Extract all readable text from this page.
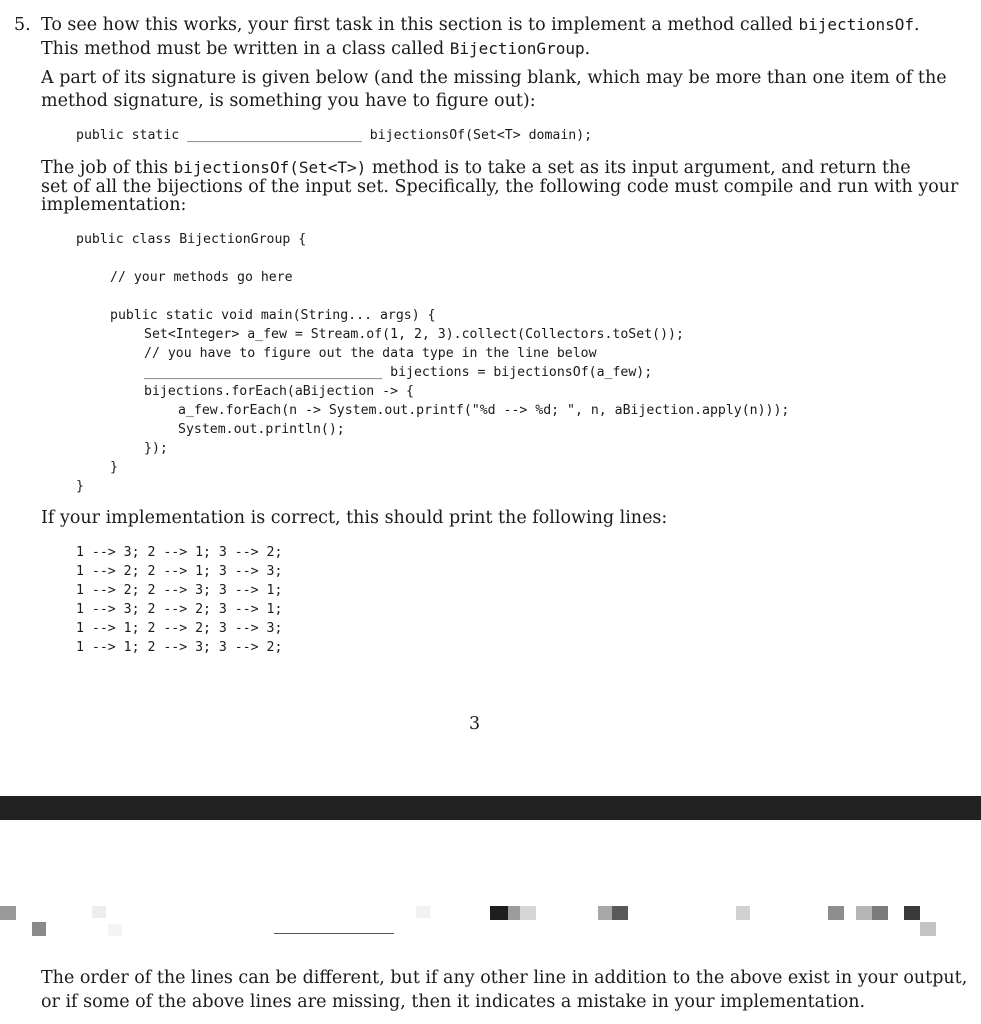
5. To see how this works, your first task in this section is to implement a method called bijectionsOf.
This method must be written in a class called BijectionGroup.
A part of its signature is given below (and the missing blank, which may be more than one item of the
method signature, is something you have to figure out):
public static ______________________ bijectionsOf(Set<T> domain);
The job of this bijectionsOf(Set<T>) method is to take a set as its input argument, and return the
set of all the bijections of the input set. Specifically, the following code must compile and run with your
implementation:
public class BijectionGroup {
// your methods go here
public static void main(String... args) {
Set<Integer> a_few = Stream.of(1, 2, 3).collect(Collectors.toSet());
// you have to figure out the data type in the line below
______________________________ bijections = bijectionsOf(a_few);
bijections.forEach(aBijection -> {
a_few.forEach(n -> System.out.printf("%d --> %d; ", n, aBijection.apply(n)));
System.out.println();
});
}
}
If your implementation is correct, this should print the following lines:
1 --> 3; 2 --> 1; 3 --> 2;
1 --> 2; 2 --> 1; 3 --> 3;
1 --> 2; 2 --> 3; 3 --> 1;
1 --> 3; 2 --> 2; 3 --> 1;
1 --> 1; 2 --> 2; 3 --> 3;
1 --> 1; 2 --> 3; 3 --> 2;
3
The order of the lines can be different, but if any other line in addition to the above exist in your output,
or if some of the above lines are missing, then it indicates a mistake in your implementation.
